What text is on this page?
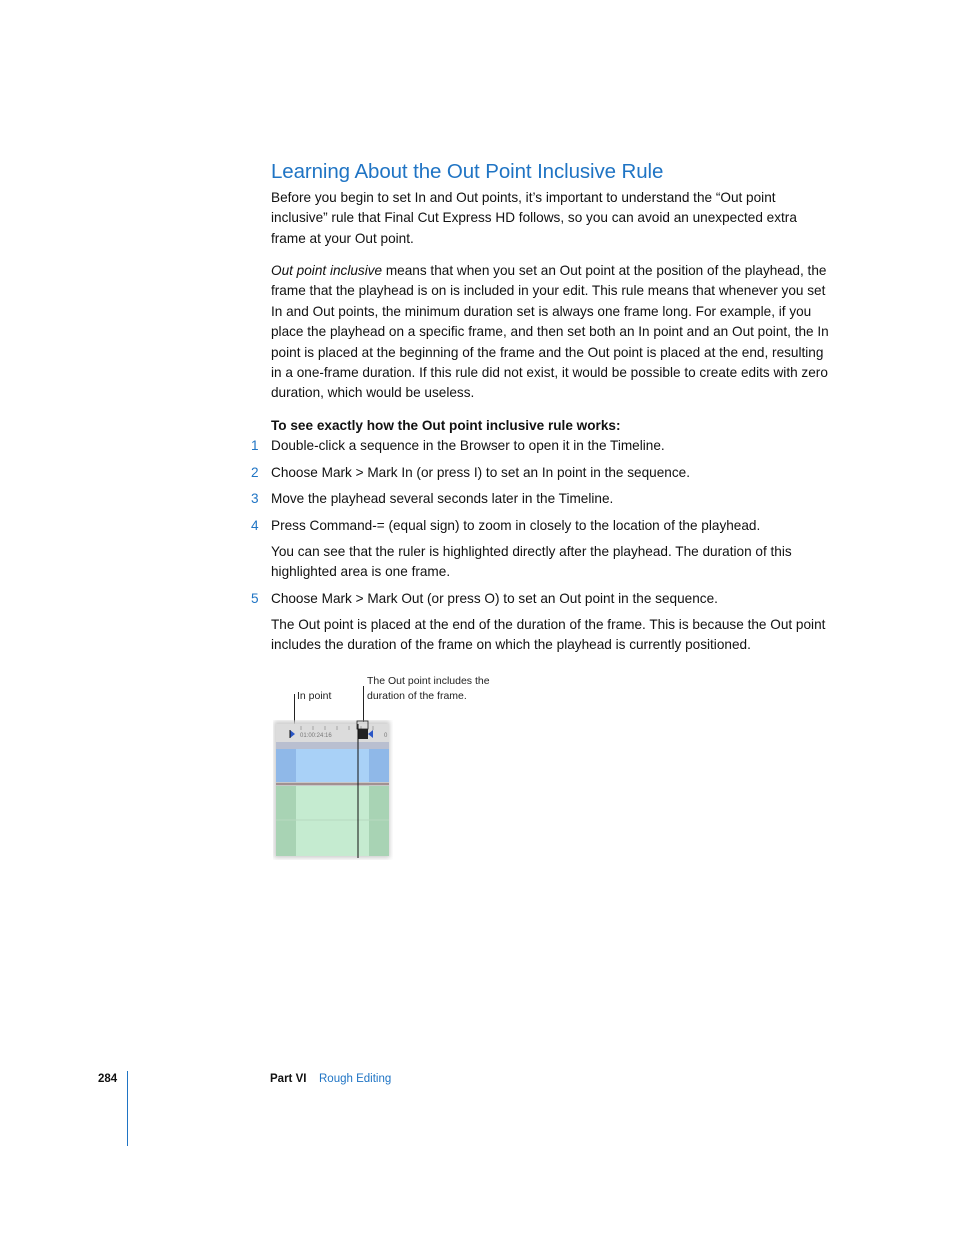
Learning About the Out Point Inclusive Rule

Before you begin to set In and Out points, it’s important to understand the “Out point inclusive” rule that Final Cut Express HD follows, so you can avoid an unexpected extra frame at your Out point.

Out point inclusive means that when you set an Out point at the position of the playhead, the frame that the playhead is on is included in your edit. This rule means that whenever you set In and Out points, the minimum duration set is always one frame long. For example, if you place the playhead on a specific frame, and then set both an In point and an Out point, the In point is placed at the beginning of the frame and the Out point is placed at the end, resulting in a one-frame duration. If this rule did not exist, it would be possible to create edits with zero duration, which would be useless.

To see exactly how the Out point inclusive rule works:

1 Double-click a sequence in the Browser to open it in the Timeline.
2 Choose Mark > Mark In (or press I) to set an In point in the sequence.
3 Move the playhead several seconds later in the Timeline.
4 Press Command-= (equal sign) to zoom in closely to the location of the playhead.
You can see that the ruler is highlighted directly after the playhead. The duration of this highlighted area is one frame.
5 Choose Mark > Mark Out (or press O) to set an Out point in the sequence.
The Out point is placed at the end of the duration of the frame. This is because the Out point includes the duration of the frame on which the playhead is currently positioned.
In point
The Out point includes the duration of the frame.
01:00:24:16	0
284	Part VI Rough Editing
